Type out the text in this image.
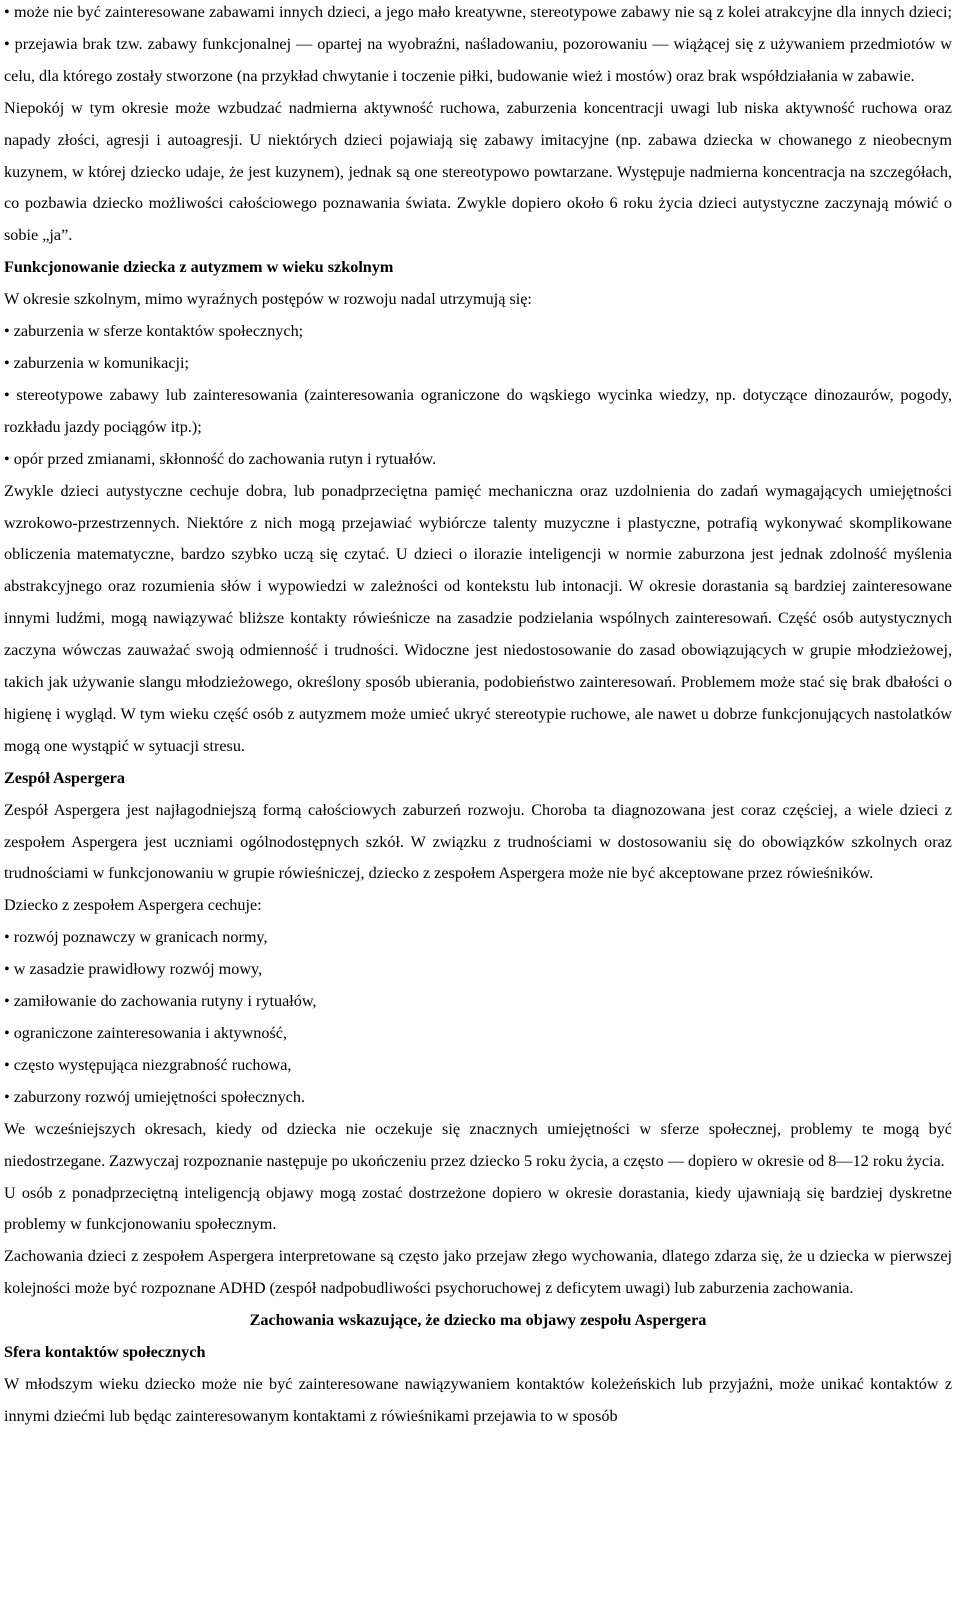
• może nie być zainteresowane zabawami innych dzieci, a jego mało kreatywne, stereotypowe zabawy nie są z kolei atrakcyjne dla innych dzieci; • przejawia brak tzw. zabawy funkcjonalnej — opartej na wyobraźni, naśladowaniu, pozorowaniu — wiążącej się z używaniem przedmiotów w celu, dla którego zostały stworzone (na przykład chwytanie i toczenie piłki, budowanie wież i mostów) oraz brak współdziałania w zabawie.

Niepokój w tym okresie może wzbudzać nadmierna aktywność ruchowa, zaburzenia koncentracji uwagi lub niska aktywność ruchowa oraz napady złości, agresji i autoagresji. U niektórych dzieci pojawiają się zabawy imitacyjne (np. zabawa dziecka w chowanego z nieobecnym kuzynem, w której dziecko udaje, że jest kuzynem), jednak są one stereotypowo powtarzane. Występuje nadmierna koncentracja na szczegółach, co pozbawia dziecko możliwości całościowego poznawania świata. Zwykle dopiero około 6 roku życia dzieci autystyczne zaczynają mówić o sobie „ja”.

Funkcjonowanie dziecka z autyzmem w wieku szkolnym

W okresie szkolnym, mimo wyraźnych postępów w rozwoju nadal utrzymują się:

• zaburzenia w sferze kontaktów społecznych;

• zaburzenia w komunikacji;

• stereotypowe zabawy lub zainteresowania (zainteresowania ograniczone do wąskiego wycinka wiedzy, np. dotyczące dinozaurów, pogody, rozkładu jazdy pociągów itp.);

• opór przed zmianami, skłonność do zachowania rutyn i rytuałów.

Zwykle dzieci autystyczne cechuje dobra, lub ponadprzeciętna pamięć mechaniczna oraz uzdolnienia do zadań wymagających umiejętności wzrokowo-przestrzennych. Niektóre z nich mogą przejawiać wybiórcze talenty muzyczne i plastyczne, potrafią wykonywać skomplikowane obliczenia matematyczne, bardzo szybko uczą się czytać. U dzieci o ilorazie inteligencji w normie zaburzona jest jednak zdolność myślenia abstrakcyjnego oraz rozumienia słów i wypowiedzi w zależności od kontekstu lub intonacji. W okresie dorastania są bardziej zainteresowane innymi ludźmi, mogą nawiązywać bliższe kontakty rówieśnicze na zasadzie podzielania wspólnych zainteresowań. Część osób autystycznych zaczyna wówczas zauważać swoją odmienność i trudności. Widoczne jest niedostosowanie do zasad obowiązujących w grupie młodzieżowej, takich jak używanie slangu młodzieżowego, określony sposób ubierania, podobieństwo zainteresowań. Problemem może stać się brak dbałości o higienę i wygląd. W tym wieku część osób z autyzmem może umieć ukryć stereotypie ruchowe, ale nawet u dobrze funkcjonujących nastolatków mogą one wystąpić w sytuacji stresu.

Zespół Aspergera

Zespół Aspergera jest najłagodniejszą formą całościowych zaburzeń rozwoju. Choroba ta diagnozowana jest coraz częściej, a wiele dzieci z zespołem Aspergera jest uczniami ogólnodostępnych szkół. W związku z trudnościami w dostosowaniu się do obowiązków szkolnych oraz trudnościami w funkcjonowaniu w grupie rówieśniczej, dziecko z zespołem Aspergera może nie być akceptowane przez rówieśników.

Dziecko z zespołem Aspergera cechuje:

• rozwój poznawczy w granicach normy,

• w zasadzie prawidłowy rozwój mowy,

• zamiłowanie do zachowania rutyny i rytuałów,

• ograniczone zainteresowania i aktywność,

• często występująca niezgrabność ruchowa,

• zaburzony rozwój umiejętności społecznych.

We wcześniejszych okresach, kiedy od dziecka nie oczekuje się znacznych umiejętności w sferze społecznej, problemy te mogą być niedostrzegane. Zazwyczaj rozpoznanie następuje po ukończeniu przez dziecko 5 roku życia, a często — dopiero w okresie od 8—12 roku życia.

U osób z ponadprzeciętną inteligencją objawy mogą zostać dostrzeżone dopiero w okresie dorastania, kiedy ujawniają się bardziej dyskretne problemy w funkcjonowaniu społecznym.

Zachowania dzieci z zespołem Aspergera interpretowane są często jako przejaw złego wychowania, dlatego zdarza się, że u dziecka w pierwszej kolejności może być rozpoznane ADHD (zespół nadpobudliwości psychoruchowej z deficytem uwagi) lub zaburzenia zachowania.

Zachowania wskazujące, że dziecko ma objawy zespołu Aspergera

Sfera kontaktów społecznych

W młodszym wieku dziecko może nie być zainteresowane nawiązywaniem kontaktów koleżeńskich lub przyjaźni, może unikać kontaktów z innymi dziećmi lub będąc zainteresowanym kontaktami z rówieśnikami przejawia to w sposób
